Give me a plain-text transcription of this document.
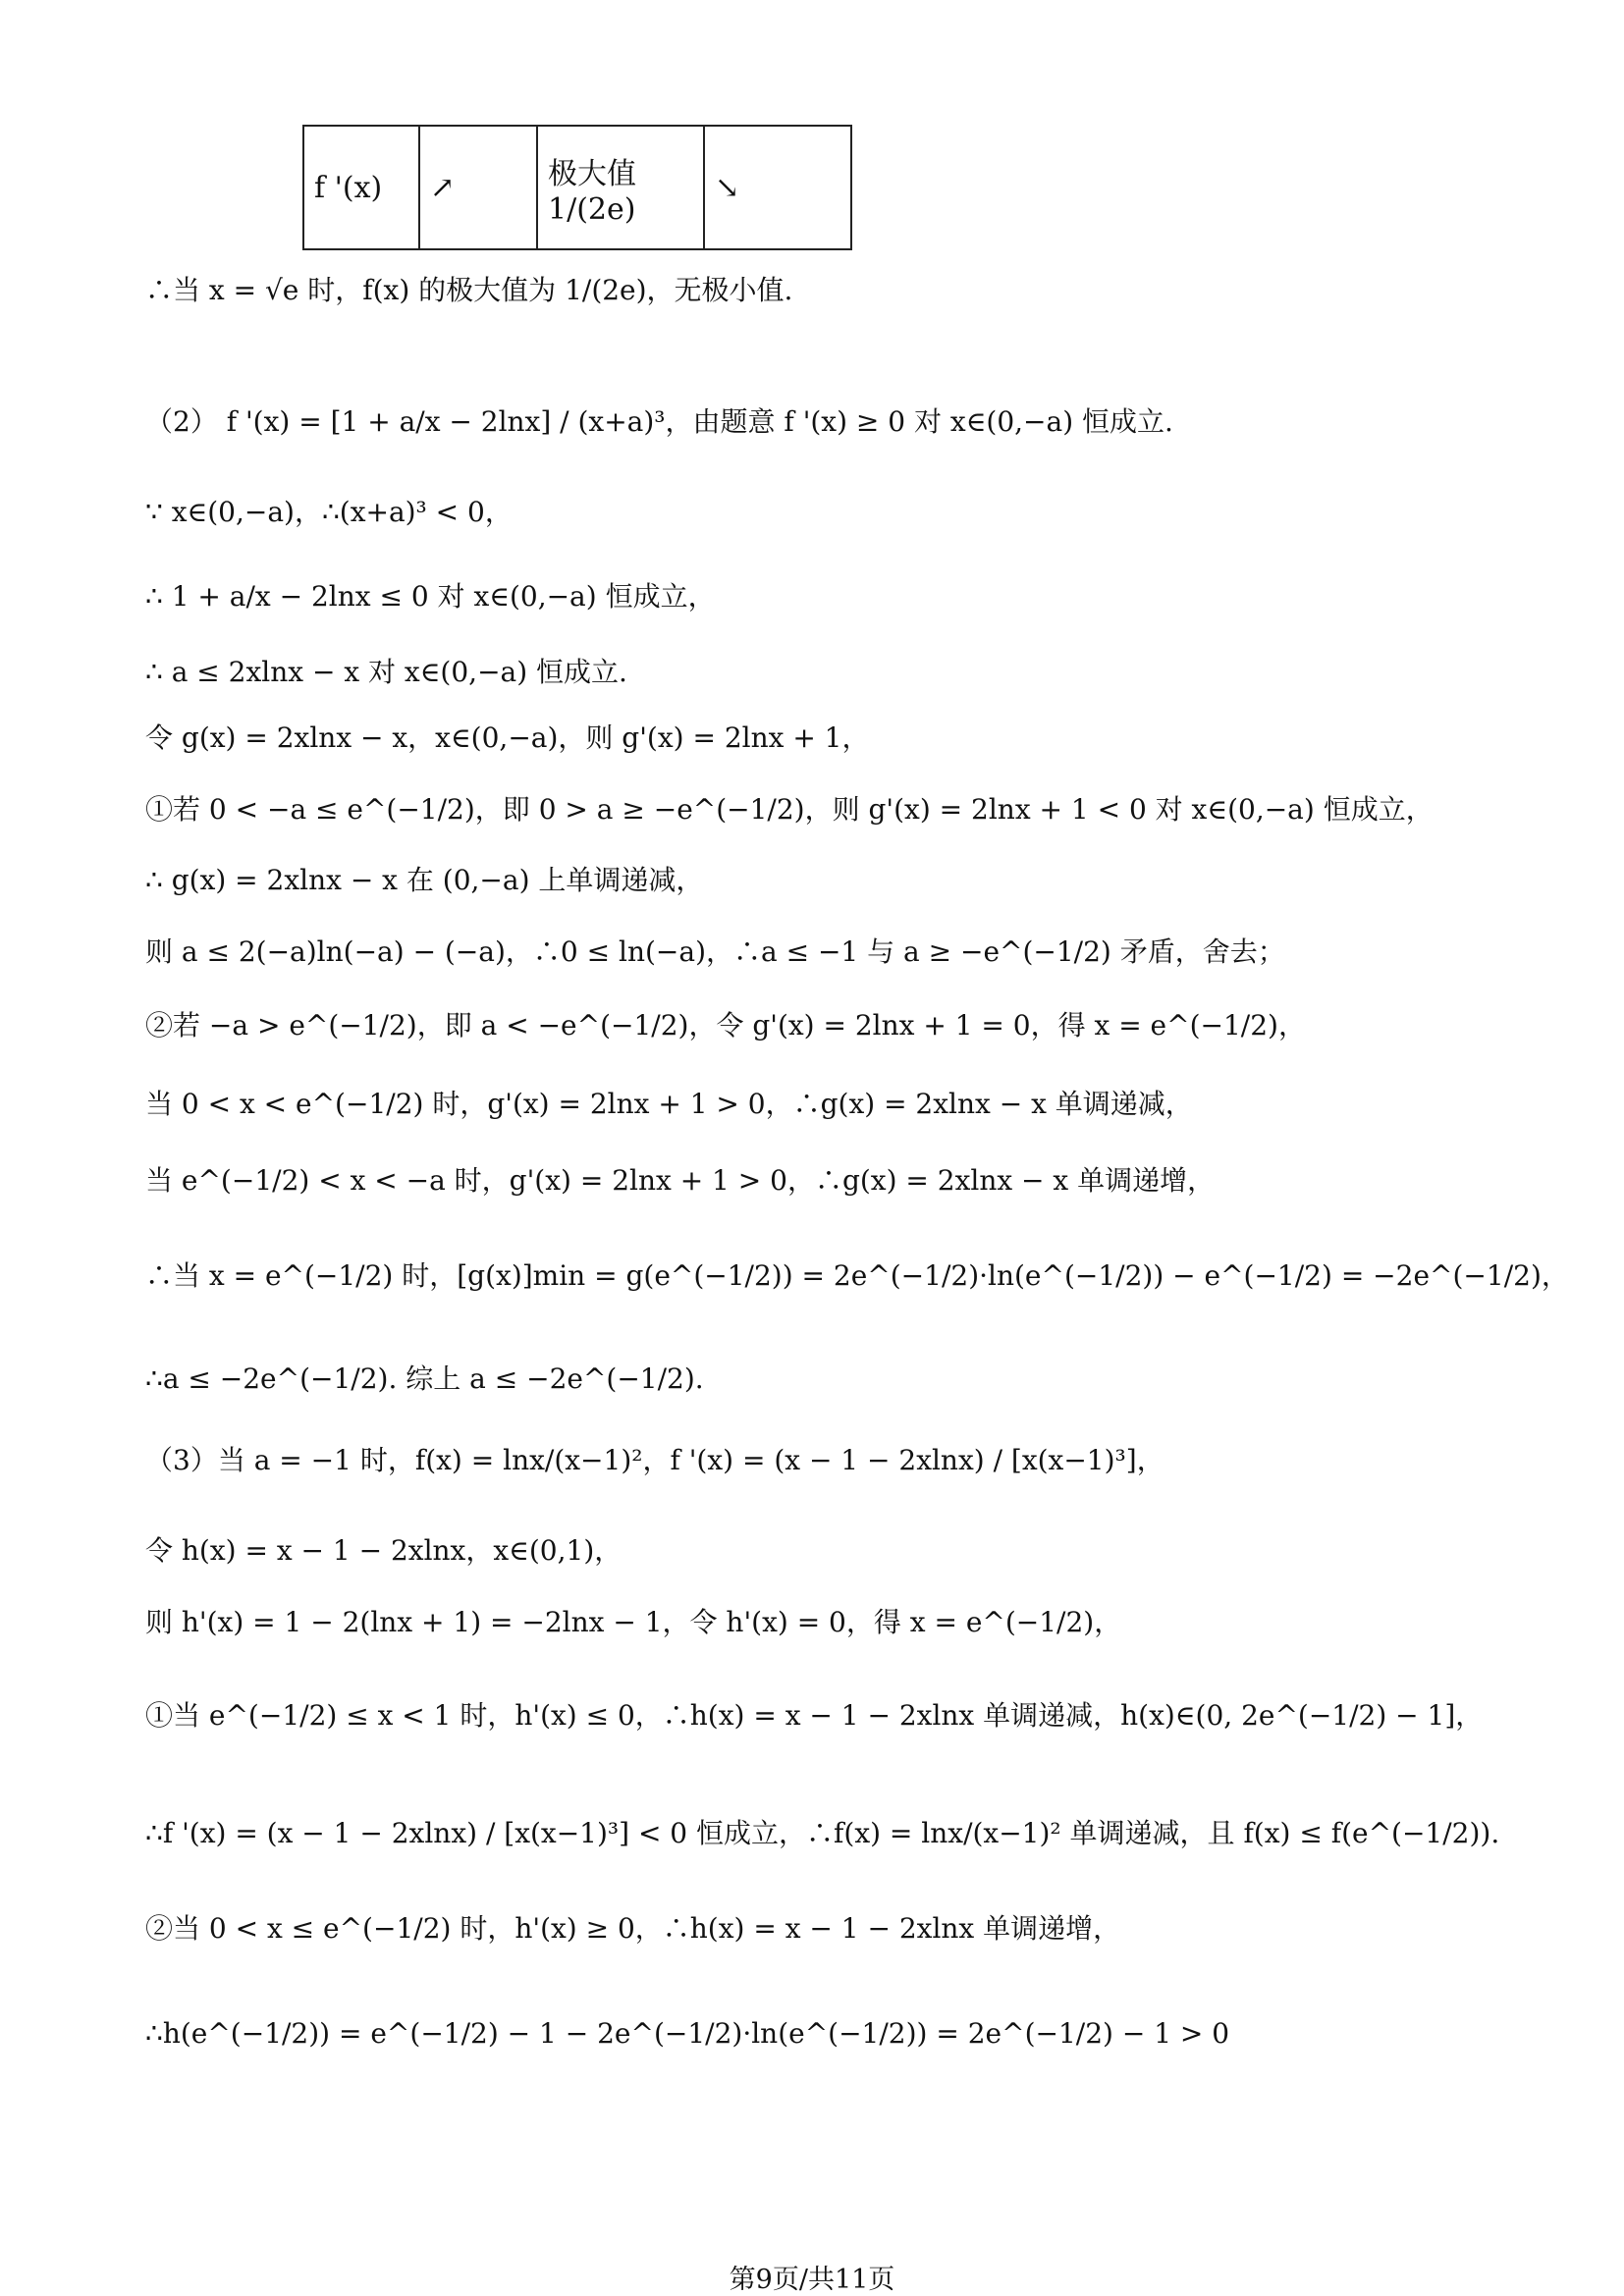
f '(x)	↗	极大值 1/(2e)	↘
∴当 x = √e 时，f(x) 的极大值为 1/(2e)，无极小值.
（2） f '(x) = [1 + a/x − 2lnx] / (x+a)³，由题意 f '(x) ≥ 0 对 x∈(0,−a) 恒成立.
∵ x∈(0,−a)，∴(x+a)³ < 0，
∴ 1 + a/x − 2lnx ≤ 0 对 x∈(0,−a) 恒成立，
∴ a ≤ 2xlnx − x 对 x∈(0,−a) 恒成立.
令 g(x) = 2xlnx − x，x∈(0,−a)，则 g'(x) = 2lnx + 1，
①若 0 < −a ≤ e^(−1/2)，即 0 > a ≥ −e^(−1/2)，则 g'(x) = 2lnx + 1 < 0 对 x∈(0,−a) 恒成立，
∴ g(x) = 2xlnx − x 在 (0,−a) 上单调递减，
则 a ≤ 2(−a)ln(−a) − (−a)，∴0 ≤ ln(−a)，∴a ≤ −1 与 a ≥ −e^(−1/2) 矛盾，舍去；
②若 −a > e^(−1/2)，即 a < −e^(−1/2)，令 g'(x) = 2lnx + 1 = 0，得 x = e^(−1/2)，
当 0 < x < e^(−1/2) 时，g'(x) = 2lnx + 1 > 0，∴g(x) = 2xlnx − x 单调递减，
当 e^(−1/2) < x < −a 时，g'(x) = 2lnx + 1 > 0，∴g(x) = 2xlnx − x 单调递增，
∴当 x = e^(−1/2) 时，[g(x)]min = g(e^(−1/2)) = 2e^(−1/2)·ln(e^(−1/2)) − e^(−1/2) = −2e^(−1/2)，
∴a ≤ −2e^(−1/2). 综上 a ≤ −2e^(−1/2).
（3）当 a = −1 时，f(x) = lnx/(x−1)²，f '(x) = (x − 1 − 2xlnx) / [x(x−1)³]，
令 h(x) = x − 1 − 2xlnx，x∈(0,1)，
则 h'(x) = 1 − 2(lnx + 1) = −2lnx − 1，令 h'(x) = 0，得 x = e^(−1/2)，
①当 e^(−1/2) ≤ x < 1 时，h'(x) ≤ 0，∴h(x) = x − 1 − 2xlnx 单调递减，h(x)∈(0, 2e^(−1/2) − 1]，
∴f '(x) = (x − 1 − 2xlnx) / [x(x−1)³] < 0 恒成立，∴f(x) = lnx/(x−1)² 单调递减，且 f(x) ≤ f(e^(−1/2)).
②当 0 < x ≤ e^(−1/2) 时，h'(x) ≥ 0，∴h(x) = x − 1 − 2xlnx 单调递增，
∴h(e^(−1/2)) = e^(−1/2) − 1 − 2e^(−1/2)·ln(e^(−1/2)) = 2e^(−1/2) − 1 > 0
第9页/共11页
